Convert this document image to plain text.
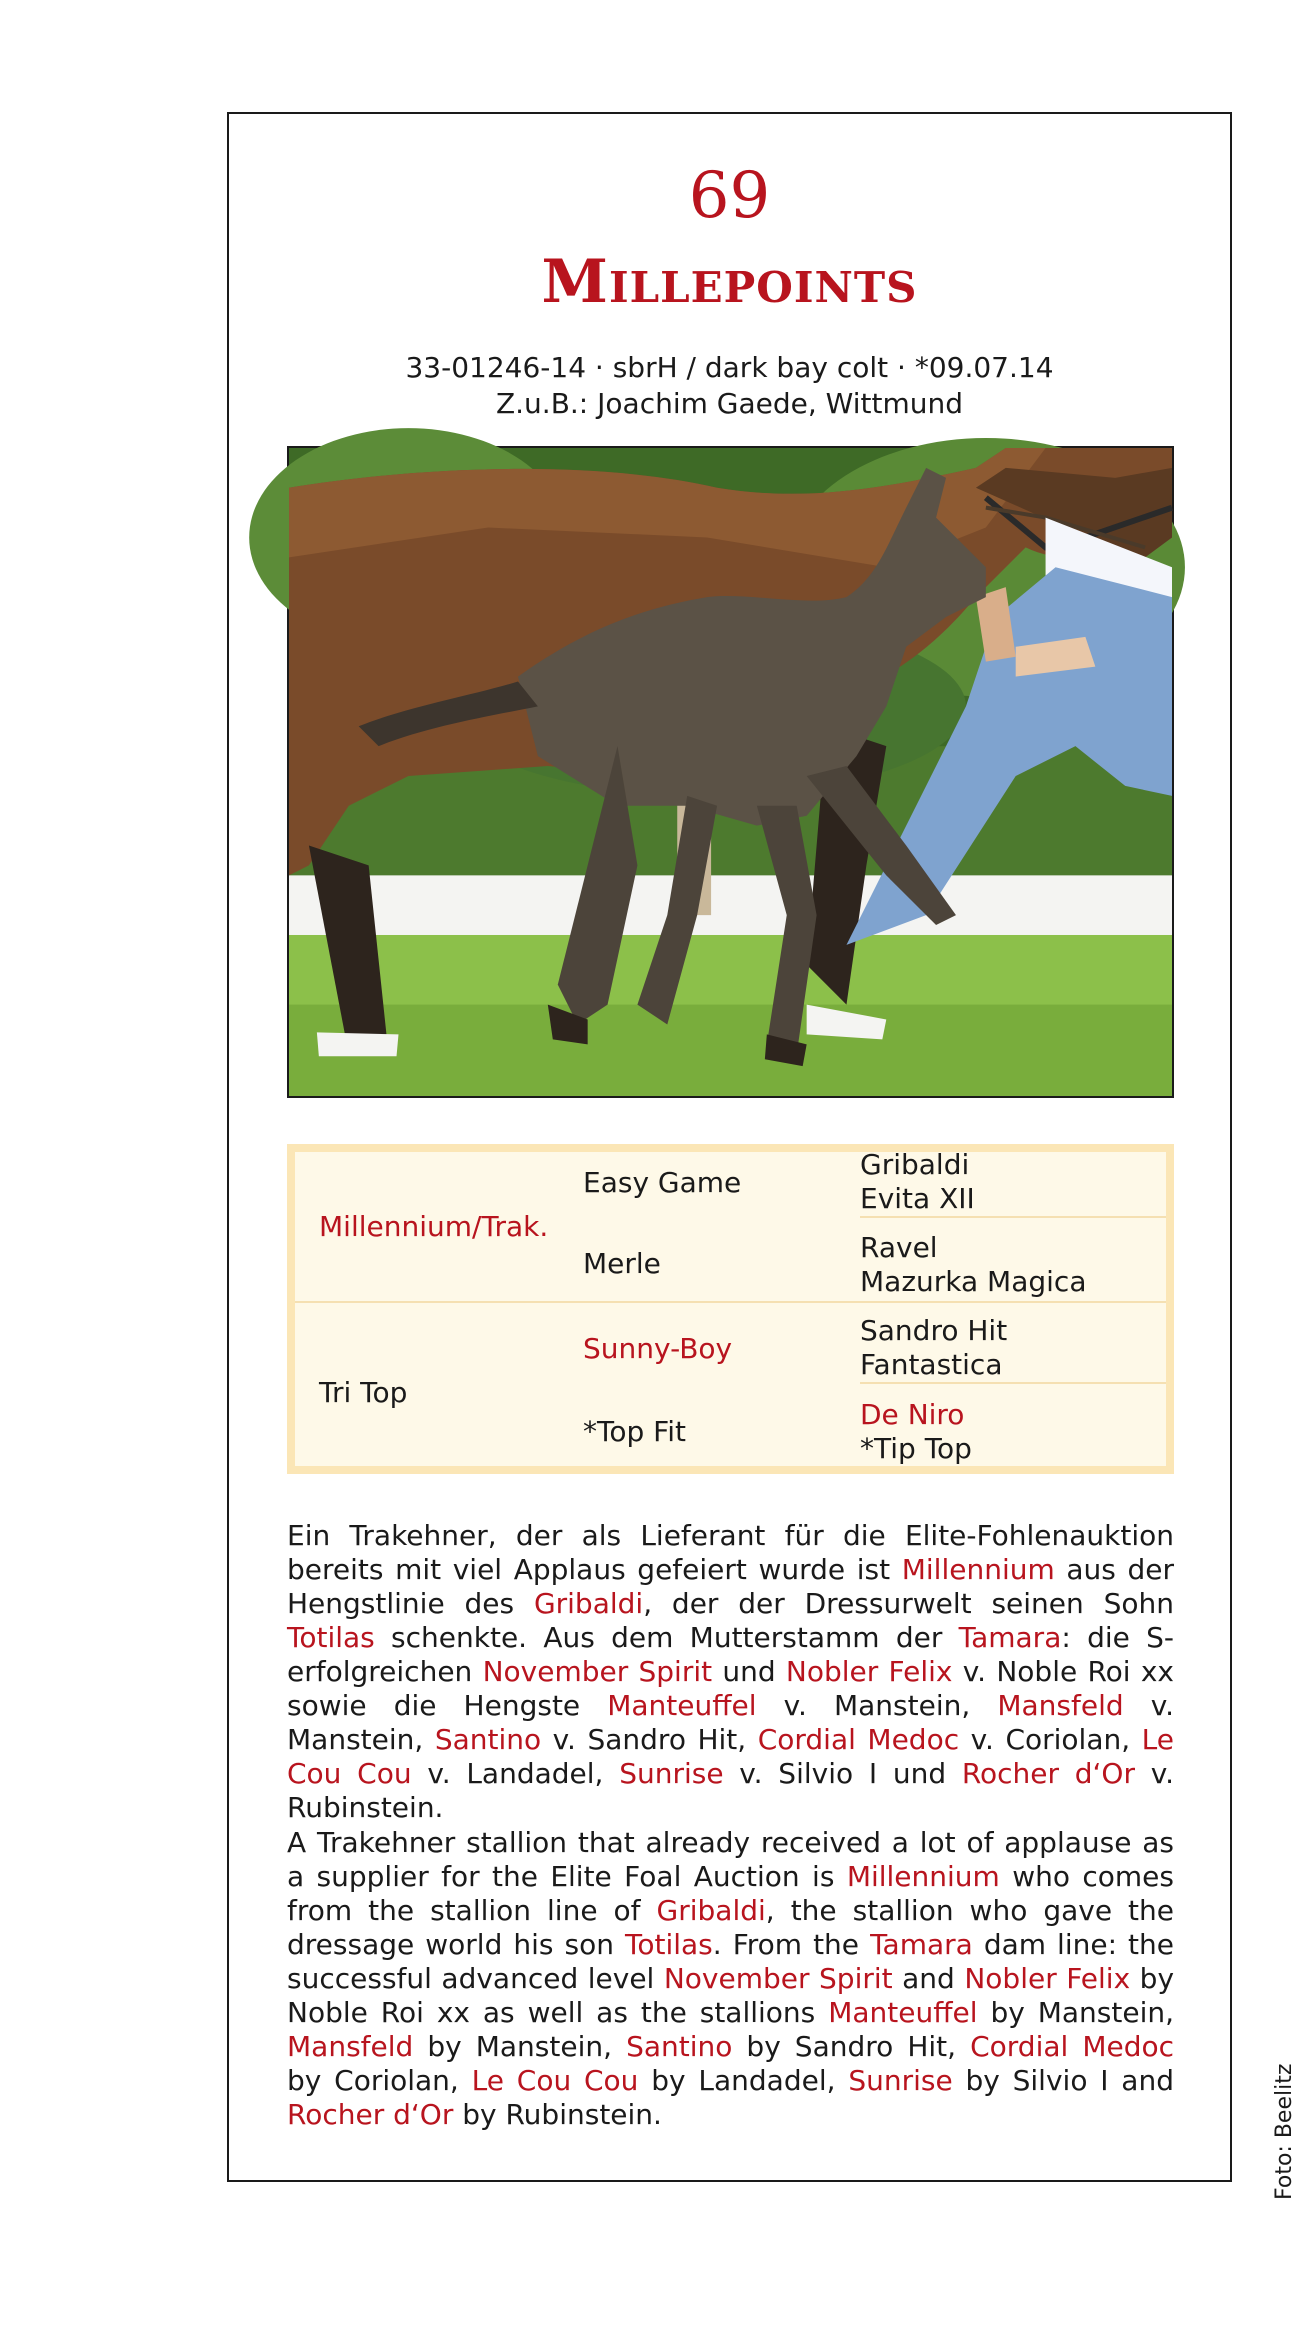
69
Millepoints
33-01246-14 · sbrH / dark bay colt · *09.07.14
Z.u.B.: Joachim Gaede, Wittmund
Millennium/Trak.
Tri Top
Easy Game
Merle
Sunny-Boy
*Top Fit
Gribaldi
Evita XII
Ravel
Mazurka Magica
Sandro Hit
Fantastica
De Niro
*Tip Top

Ein Trakehner, der als Lieferant für die Elite-Fohlenauktion bereits mit viel Applaus gefeiert wurde ist Millennium aus der Hengstlinie des Gribaldi, der der Dressurwelt seinen Sohn Totilas schenkte. Aus dem Mutterstamm der Tamara: die S-erfolgreichen November Spirit und Nobler Felix v. Noble Roi xx sowie die Hengste Manteuffel v. Manstein, Mansfeld v. Manstein, Santino v. Sandro Hit, Cordial Medoc v. Coriolan, Le Cou Cou v. Landadel, Sunrise v. Silvio I und Rocher d‘Or v. Rubinstein.

A Trakehner stallion that already received a lot of applause as a supplier for the Elite Foal Auction is Millennium who comes from the stallion line of Gribaldi, the stallion who gave the dressage world his son Totilas. From the Tamara dam line: the successful advanced level November Spirit and Nobler Felix by Noble Roi xx as well as the stallions Manteuffel by Manstein, Mansfeld by Manstein, Santino by Sandro Hit, Cordial Medoc by Coriolan, Le Cou Cou by Landadel, Sunrise by Silvio I and Rocher d‘Or by Rubinstein.	Foto: Beelitz
